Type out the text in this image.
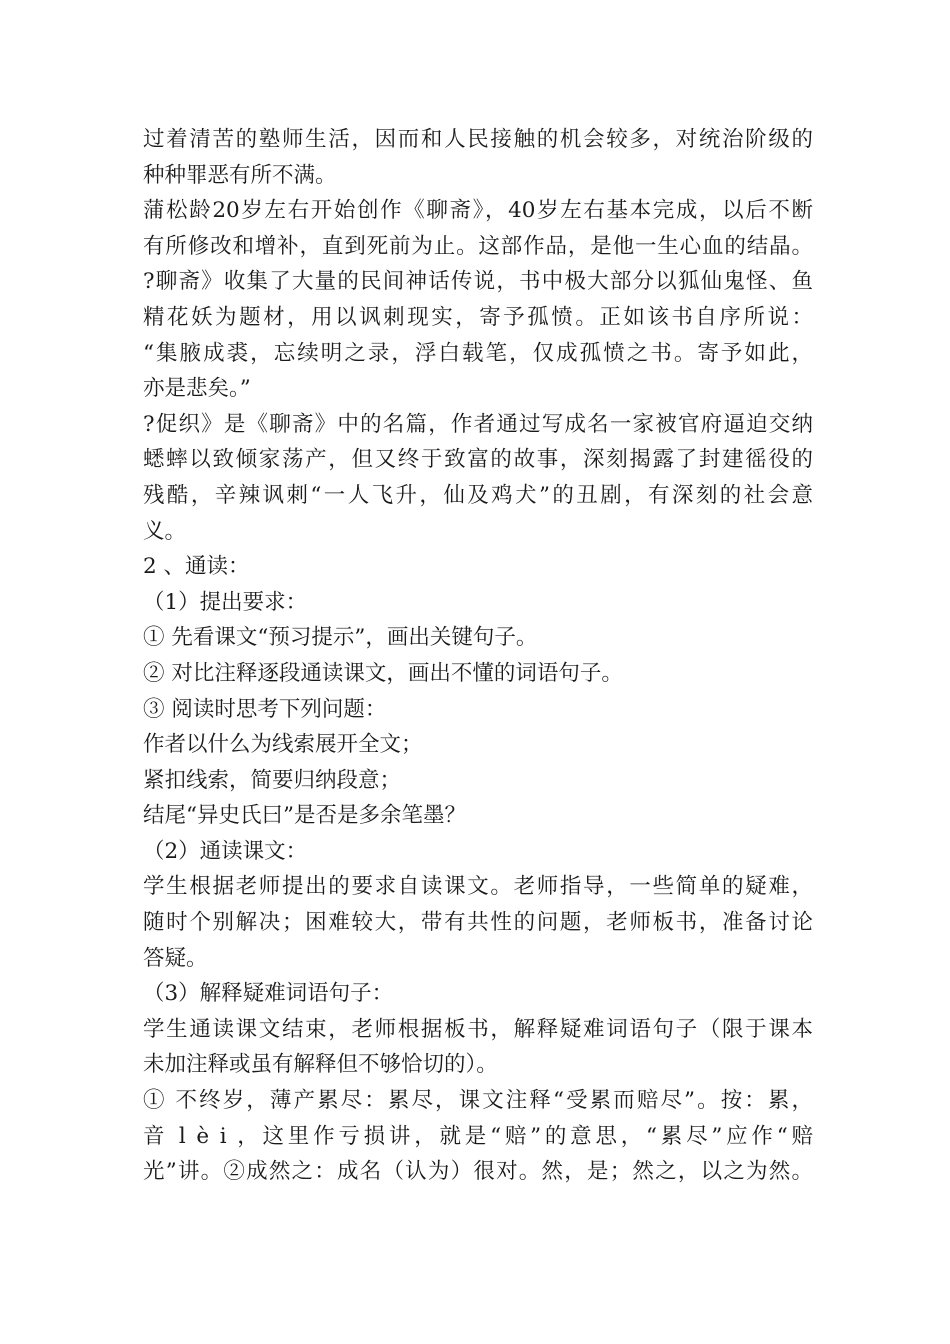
过着清苦的塾师生活，因而和人民接触的机会较多，对统治阶级的
种种罪恶有所不满。
蒲松龄20岁左右开始创作《聊斋》，40岁左右基本完成，以后不断
有所修改和增补，直到死前为止。这部作品，是他一生心血的结晶。
?聊斋》收集了大量的民间神话传说，书中极大部分以狐仙鬼怪、鱼
精花妖为题材，用以讽刺现实，寄予孤愤。正如该书自序所说：
“集腋成裘，忘续明之录，浮白载笔，仅成孤愤之书。寄予如此，
亦是悲矣。”
?促织》是《聊斋》中的名篇，作者通过写成名一家被官府逼迫交纳
蟋蟀以致倾家荡产，但又终于致富的故事，深刻揭露了封建徭役的
残酷，辛辣讽刺“一人飞升，仙及鸡犬”的丑剧，有深刻的社会意
义。
2 、通读：
（1）提出要求：
① 先看课文“预习提示”，画出关键句子。
② 对比注释逐段通读课文，画出不懂的词语句子。
③ 阅读时思考下列问题：
作者以什么为线索展开全文；
紧扣线索，简要归纳段意；
结尾“异史氏曰”是否是多余笔墨？
（2）通读课文：
学生根据老师提出的要求自读课文。老师指导，一些简单的疑难，
随时个别解决；困难较大，带有共性的问题，老师板书，准备讨论
答疑。
（3）解释疑难词语句子：
学生通读课文结束，老师根据板书，解释疑难词语句子（限于课本
未加注释或虽有解释但不够恰切的）。
① 不终岁，薄产累尽：累尽，课文注释“受累而赔尽”。按：累，
音 l è i ，这里作亏损讲，就是“赔”的意思，“累尽”应作“赔
光”讲。②成然之：成名（认为）很对。然，是；然之，以之为然。
